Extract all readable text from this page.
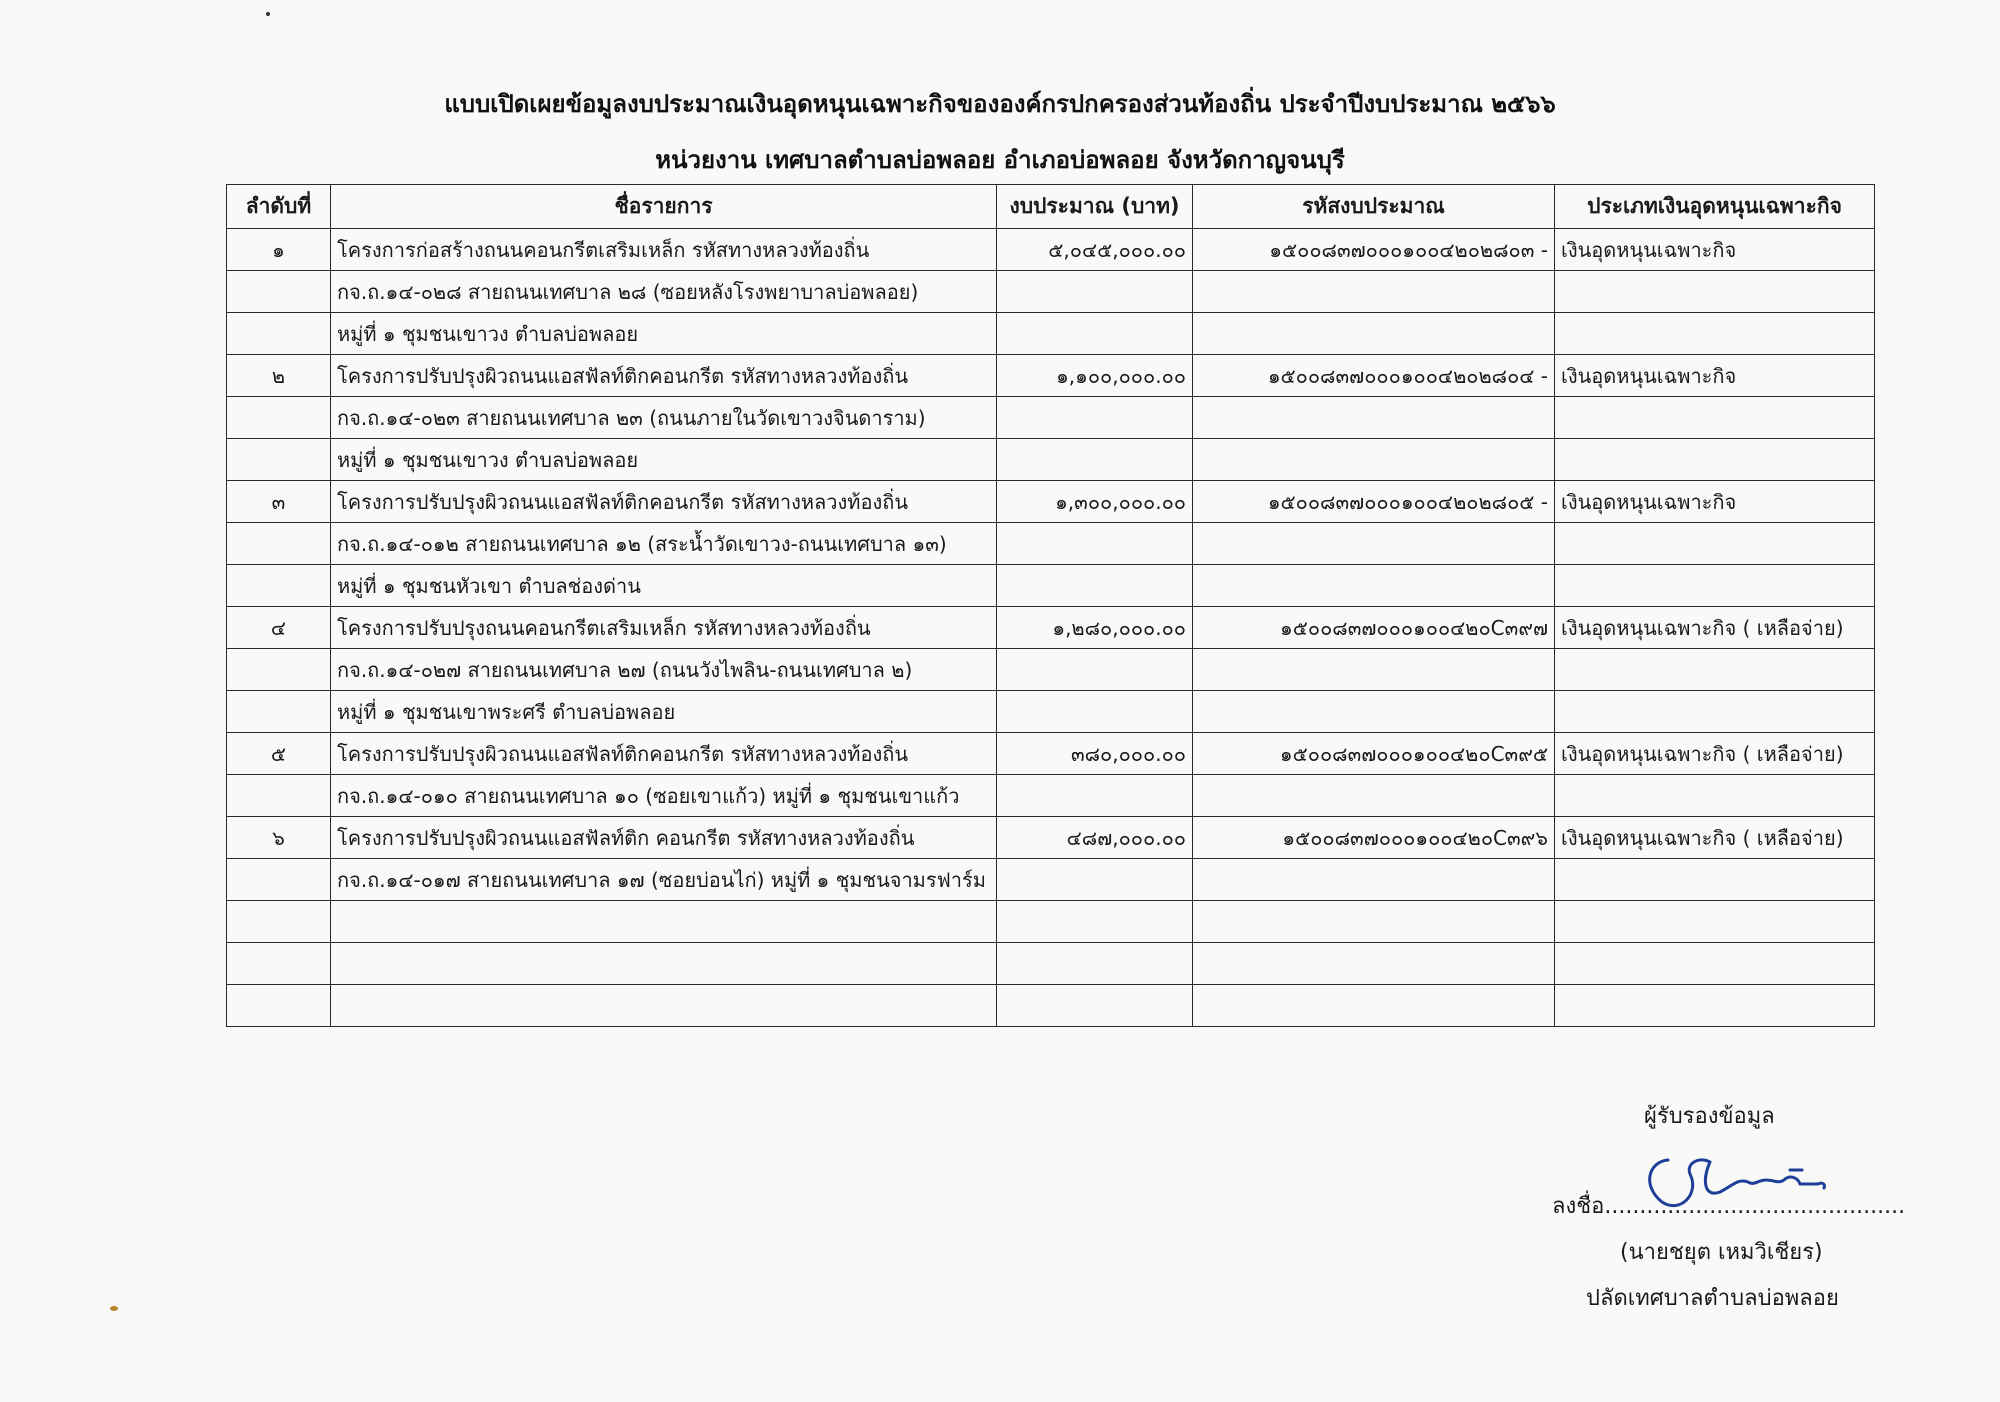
แบบเปิดเผยข้อมูลงบประมาณเงินอุดหนุนเฉพาะกิจขององค์กรปกครองส่วนท้องถิ่น ประจำปีงบประมาณ ๒๕๖๖
หน่วยงาน เทศบาลตำบลบ่อพลอย อำเภอบ่อพลอย จังหวัดกาญจนบุรี
ลำดับที่	ชื่อรายการ	งบประมาณ (บาท)	รหัสงบประมาณ	ประเภทเงินอุดหนุนเฉพาะกิจ
๑	โครงการก่อสร้างถนนคอนกรีตเสริมเหล็ก รหัสทางหลวงท้องถิ่น	๕,๐๔๕,๐๐๐.๐๐	๑๕๐๐๘๓๗๐๐๐๑๐๐๔๒๐๒๘๐๓ -	เงินอุดหนุนเฉพาะกิจ
	กจ.ถ.๑๔-๐๒๘ สายถนนเทศบาล ๒๘ (ซอยหลังโรงพยาบาลบ่อพลอย)			
	หมู่ที่ ๑ ชุมชนเขาวง ตำบลบ่อพลอย			
๒	โครงการปรับปรุงผิวถนนแอสฟัลท์ติกคอนกรีต รหัสทางหลวงท้องถิ่น	๑,๑๐๐,๐๐๐.๐๐	๑๕๐๐๘๓๗๐๐๐๑๐๐๔๒๐๒๘๐๔ -	เงินอุดหนุนเฉพาะกิจ
	กจ.ถ.๑๔-๐๒๓ สายถนนเทศบาล ๒๓ (ถนนภายในวัดเขาวงจินดาราม)			
	หมู่ที่ ๑ ชุมชนเขาวง ตำบลบ่อพลอย			
๓	โครงการปรับปรุงผิวถนนแอสฟัลท์ติกคอนกรีต รหัสทางหลวงท้องถิ่น	๑,๓๐๐,๐๐๐.๐๐	๑๕๐๐๘๓๗๐๐๐๑๐๐๔๒๐๒๘๐๕ -	เงินอุดหนุนเฉพาะกิจ
	กจ.ถ.๑๔-๐๑๒ สายถนนเทศบาล ๑๒ (สระน้ำวัดเขาวง-ถนนเทศบาล ๑๓)			
	หมู่ที่ ๑ ชุมชนหัวเขา ตำบลช่องด่าน			
๔	โครงการปรับปรุงถนนคอนกรีตเสริมเหล็ก รหัสทางหลวงท้องถิ่น	๑,๒๘๐,๐๐๐.๐๐	๑๕๐๐๘๓๗๐๐๐๑๐๐๔๒๐C๓๙๗	เงินอุดหนุนเฉพาะกิจ ( เหลือจ่าย)
	กจ.ถ.๑๔-๐๒๗ สายถนนเทศบาล ๒๗ (ถนนวังไพลิน-ถนนเทศบาล ๒)			
	หมู่ที่ ๑ ชุมชนเขาพระศรี ตำบลบ่อพลอย			
๕	โครงการปรับปรุงผิวถนนแอสฟัลท์ติกคอนกรีต รหัสทางหลวงท้องถิ่น	๓๘๐,๐๐๐.๐๐	๑๕๐๐๘๓๗๐๐๐๑๐๐๔๒๐C๓๙๕	เงินอุดหนุนเฉพาะกิจ ( เหลือจ่าย)
	กจ.ถ.๑๔-๐๑๐ สายถนนเทศบาล ๑๐ (ซอยเขาแก้ว) หมู่ที่ ๑ ชุมชนเขาแก้ว			
๖	โครงการปรับปรุงผิวถนนแอสฟัลท์ติก คอนกรีต รหัสทางหลวงท้องถิ่น	๔๘๗,๐๐๐.๐๐	๑๕๐๐๘๓๗๐๐๐๑๐๐๔๒๐C๓๙๖	เงินอุดหนุนเฉพาะกิจ ( เหลือจ่าย)
	กจ.ถ.๑๔-๐๑๗ สายถนนเทศบาล ๑๗ (ซอยบ่อนไก่) หมู่ที่ ๑ ชุมชนจามรฟาร์ม			

ผู้รับรองข้อมูล
ลงชื่อ...........................................
(นายชยุต เหมวิเชียร)
ปลัดเทศบาลตำบลบ่อพลอย
